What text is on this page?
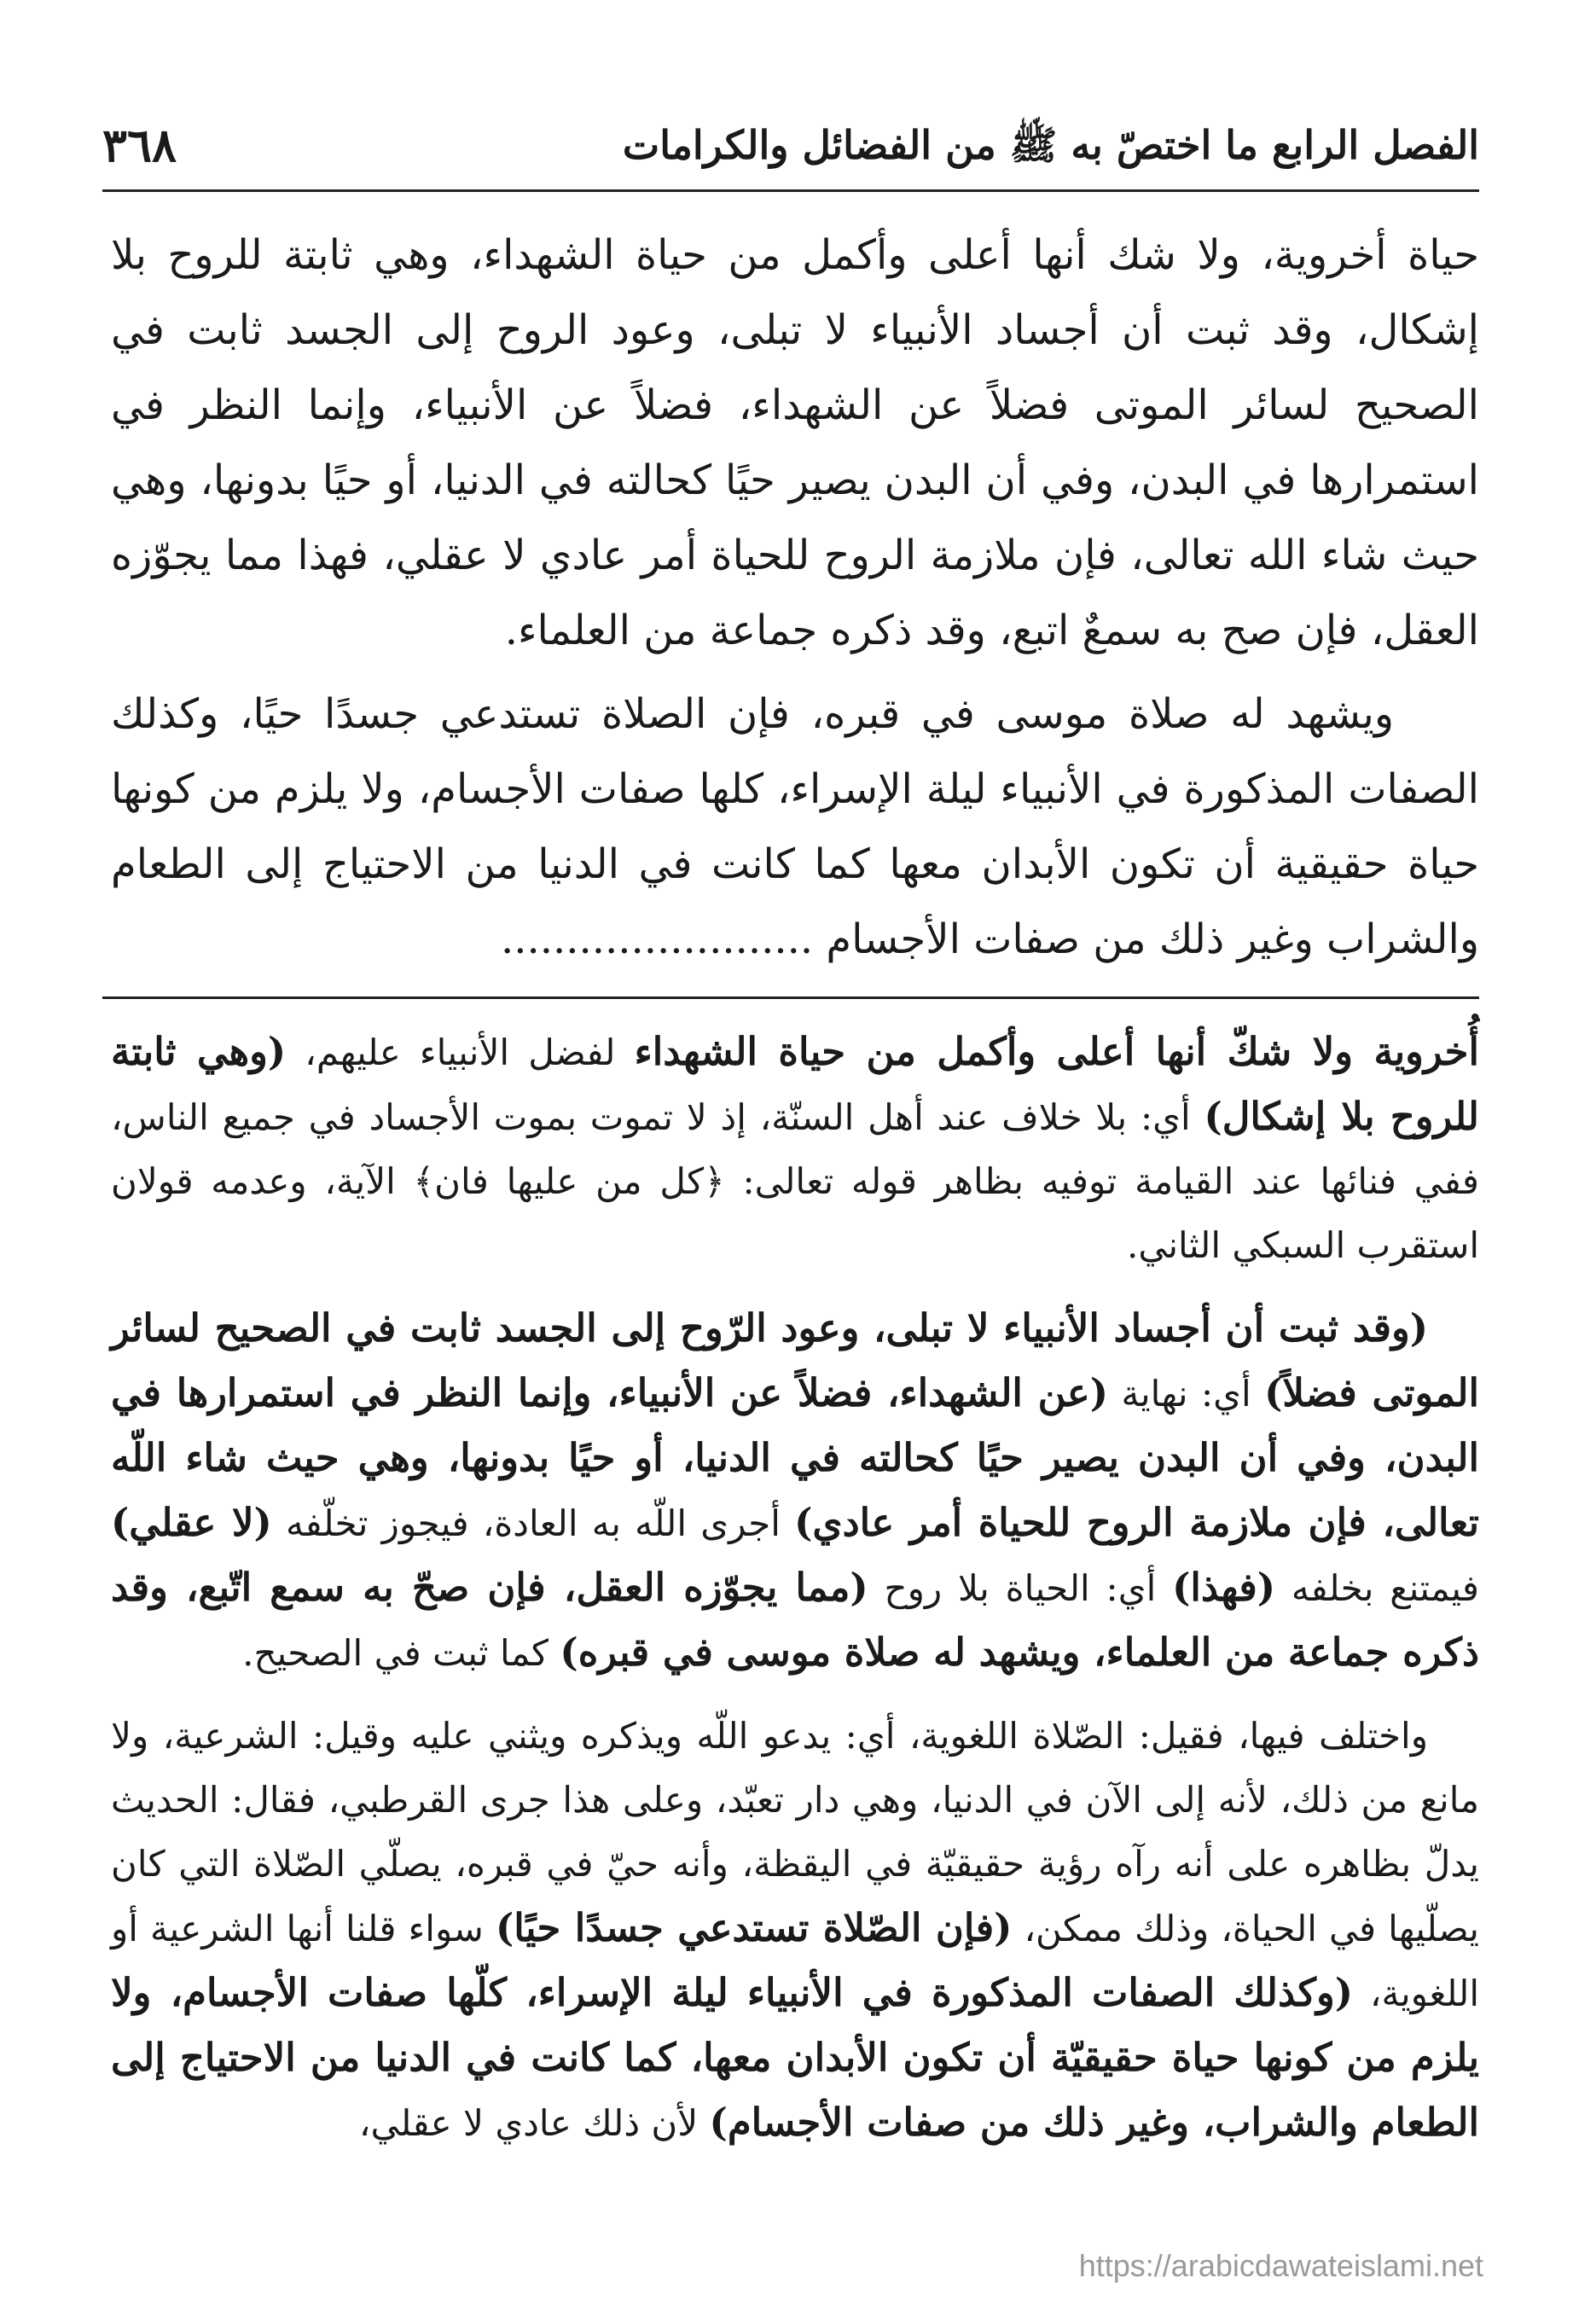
الفصل الرابع ما اختصّ به ﷺ من الفضائل والكرامات
٣٦٨

حياة أخروية، ولا شك أنها أعلى وأكمل من حياة الشهداء، وهي ثابتة للروح بلا إشكال، وقد ثبت أن أجساد الأنبياء لا تبلى، وعود الروح إلى الجسد ثابت في الصحيح لسائر الموتى فضلاً عن الشهداء، فضلاً عن الأنبياء، وإنما النظر في استمرارها في البدن، وفي أن البدن يصير حيًا كحالته في الدنيا، أو حيًا بدونها، وهي حيث شاء الله تعالى، فإن ملازمة الروح للحياة أمر عادي لا عقلي، فهذا مما يجوّزه العقل، فإن صح به سمعٌ اتبع، وقد ذكره جماعة من العلماء.

ويشهد له صلاة موسى في قبره، فإن الصلاة تستدعي جسدًا حيًا، وكذلك الصفات المذكورة في الأنبياء ليلة الإسراء، كلها صفات الأجسام، ولا يلزم من كونها حياة حقيقية أن تكون الأبدان معها كما كانت في الدنيا من الاحتياج إلى الطعام والشراب وغير ذلك من صفات الأجسام ........................

أُخروية ولا شكّ أنها أعلى وأكمل من حياة الشهداء لفضل الأنبياء عليهم، (وهي ثابتة للروح بلا إشكال) أي: بلا خلاف عند أهل السنّة، إذ لا تموت بموت الأجساد في جميع الناس، ففي فنائها عند القيامة توفيه بظاهر قوله تعالى: ﴿كل من عليها فان﴾ الآية، وعدمه قولان استقرب السبكي الثاني.

(وقد ثبت أن أجساد الأنبياء لا تبلى، وعود الرّوح إلى الجسد ثابت في الصحيح لسائر الموتى فضلاً) أي: نهاية (عن الشهداء، فضلاً عن الأنبياء، وإنما النظر في استمرارها في البدن، وفي أن البدن يصير حيًا كحالته في الدنيا، أو حيًا بدونها، وهي حيث شاء اللّه تعالى، فإن ملازمة الروح للحياة أمر عادي) أجرى اللّه به العادة، فيجوز تخلّفه (لا عقلي) فيمتنع بخلفه (فهذا) أي: الحياة بلا روح (مما يجوّزه العقل، فإن صحّ به سمع اتّبع، وقد ذكره جماعة من العلماء، ويشهد له صلاة موسى في قبره) كما ثبت في الصحيح.

واختلف فيها، فقيل: الصّلاة اللغوية، أي: يدعو اللّه ويذكره ويثني عليه وقيل: الشرعية، ولا مانع من ذلك، لأنه إلى الآن في الدنيا، وهي دار تعبّد، وعلى هذا جرى القرطبي، فقال: الحديث يدلّ بظاهره على أنه رآه رؤية حقيقيّة في اليقظة، وأنه حيّ في قبره، يصلّي الصّلاة التي كان يصلّيها في الحياة، وذلك ممكن، (فإن الصّلاة تستدعي جسدًا حيًا) سواء قلنا أنها الشرعية أو اللغوية، (وكذلك الصفات المذكورة في الأنبياء ليلة الإسراء، كلّها صفات الأجسام، ولا يلزم من كونها حياة حقيقيّة أن تكون الأبدان معها، كما كانت في الدنيا من الاحتياج إلى الطعام والشراب، وغير ذلك من صفات الأجسام) لأن ذلك عادي لا عقلي،

https://arabicdawateislami.net
